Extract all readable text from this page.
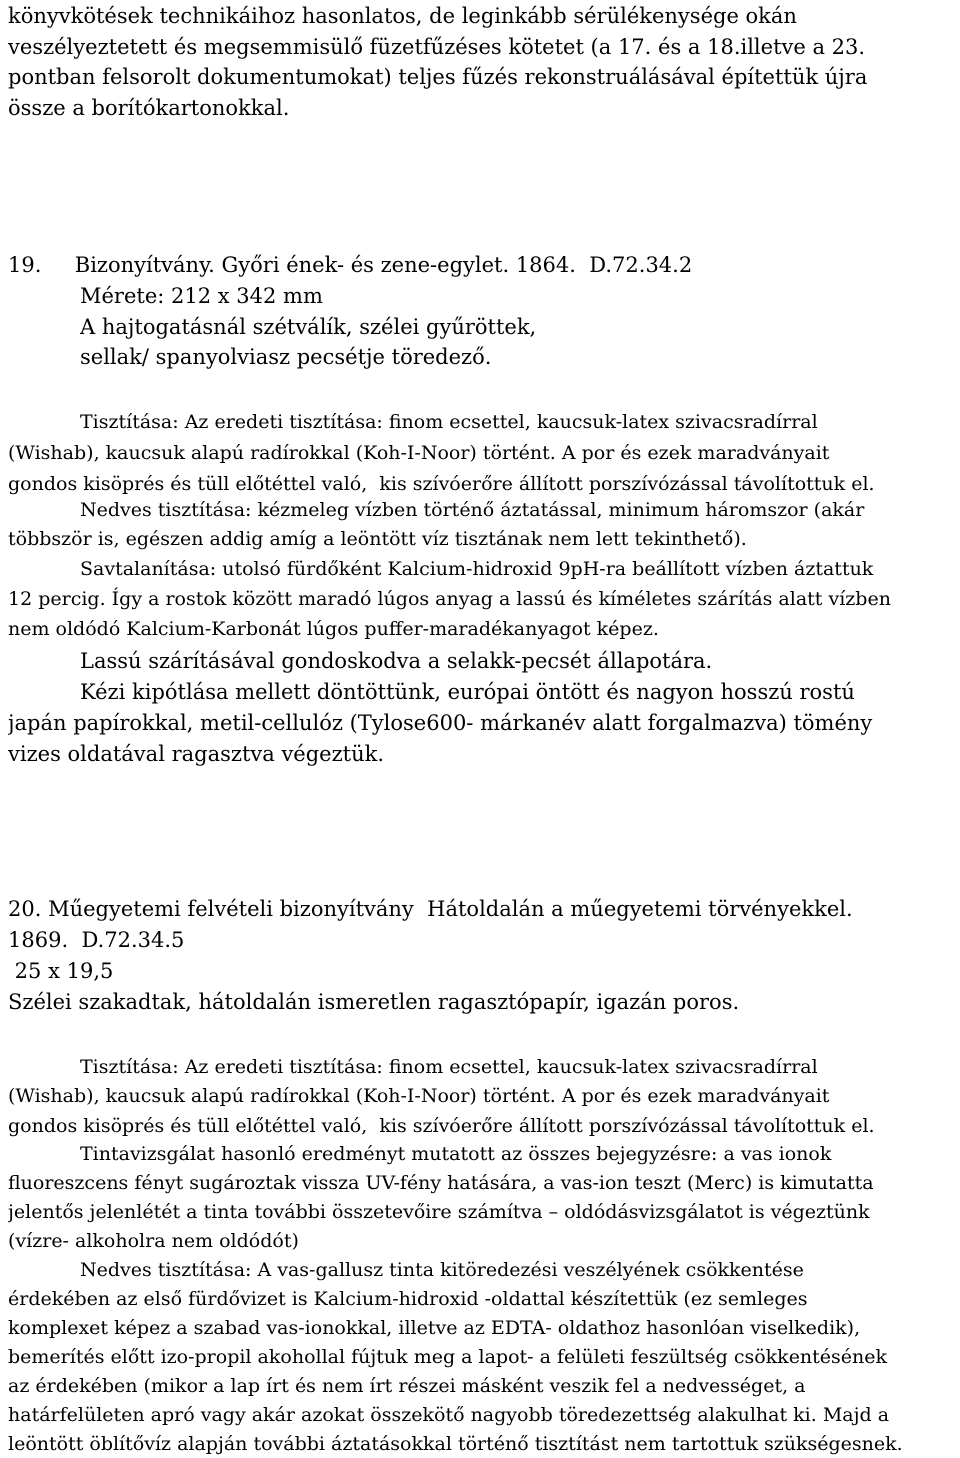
könyvkötések technikáihoz hasonlatos, de leginkább sérülékenysége okán
veszélyeztetett és megsemmisülő füzetfűzéses kötetet (a 17. és a 18.illetve a 23.
pontban felsorolt dokumentumokat) teljes fűzés rekonstruálásával építettük újra
össze a borítókartonokkal.
19.     Bizonyítvány. Győri ének- és zene-egylet. 1864.  D.72.34.2
Mérete: 212 x 342 mm
A hajtogatásnál szétválík, szélei gyűröttek,
sellak/ spanyolviasz pecsétje töredező.
Tisztítása: Az eredeti tisztítása: finom ecsettel, kaucsuk-latex szivacsradírral
(Wishab), kaucsuk alapú radírokkal (Koh-I-Noor) történt. A por és ezek maradványait
gondos kisöprés és tüll előtéttel való,  kis szívóerőre állított porszívózással távolítottuk el.
Nedves tisztítása: kézmeleg vízben történő áztatással, minimum háromszor (akár
többször is, egészen addig amíg a leöntött víz tisztának nem lett tekinthető).
Savtalanítása: utolsó fürdőként Kalcium-hidroxid 9pH-ra beállított vízben áztattuk
12 percig. Így a rostok között maradó lúgos anyag a lassú és kíméletes szárítás alatt vízben
nem oldódó Kalcium-Karbonát lúgos puffer-maradékanyagot képez.
Lassú szárításával gondoskodva a selakk-pecsét állapotára.
Kézi kipótlása mellett döntöttünk, európai öntött és nagyon hosszú rostú
japán papírokkal, metil-cellulóz (Tylose600- márkanév alatt forgalmazva) tömény
vizes oldatával ragasztva végeztük.
20. Műegyetemi felvételi bizonyítvány  Hátoldalán a műegyetemi törvényekkel.
1869.  D.72.34.5
25 x 19,5
Szélei szakadtak, hátoldalán ismeretlen ragasztópapír, igazán poros.
Tisztítása: Az eredeti tisztítása: finom ecsettel, kaucsuk-latex szivacsradírral
(Wishab), kaucsuk alapú radírokkal (Koh-I-Noor) történt. A por és ezek maradványait
gondos kisöprés és tüll előtéttel való,  kis szívóerőre állított porszívózással távolítottuk el.
Tintavizsgálat hasonló eredményt mutatott az összes bejegyzésre: a vas ionok
fluoreszcens fényt sugároztak vissza UV-fény hatására, a vas-ion teszt (Merc) is kimutatta
jelentős jelenlétét a tinta további összetevőire számítva – oldódásvizsgálatot is végeztünk
(vízre- alkoholra nem oldódót)
Nedves tisztítása: A vas-gallusz tinta kitöredezési veszélyének csökkentése
érdekében az első fürdővizet is Kalcium-hidroxid -oldattal készítettük (ez semleges
komplexet képez a szabad vas-ionokkal, illetve az EDTA- oldathoz hasonlóan viselkedik),
bemerítés előtt izo-propil akohollal fújtuk meg a lapot- a felületi feszültség csökkentésének
az érdekében (mikor a lap írt és nem írt részei másként veszik fel a nedvességet, a
határfelületen apró vagy akár azokat összekötő nagyobb töredezettség alakulhat ki. Majd a
leöntött öblítővíz alapján további áztatásokkal történő tisztítást nem tartottuk szükségesnek.
